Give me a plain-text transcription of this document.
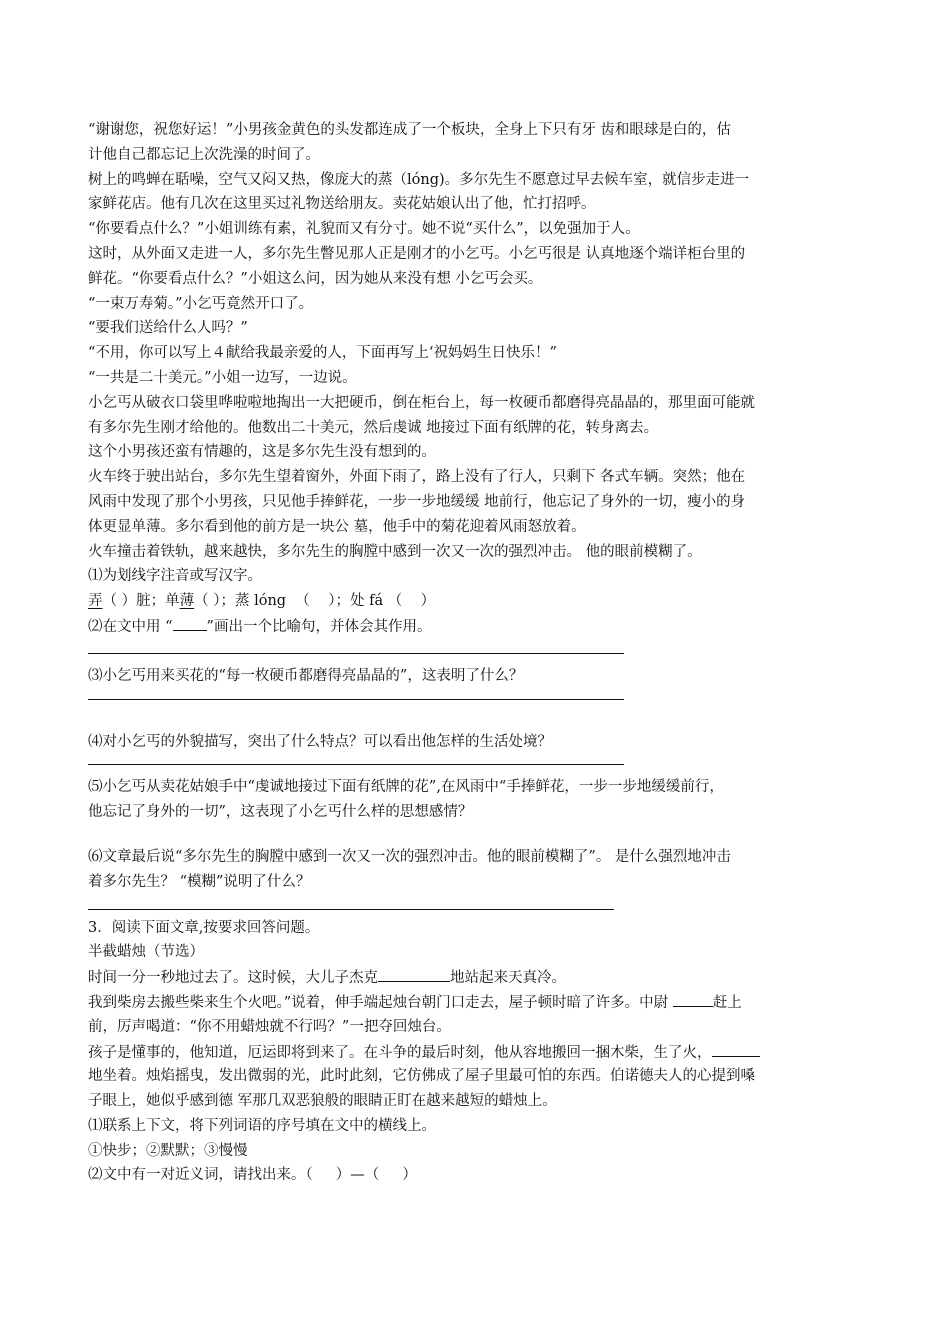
“谢谢您，祝您好运！”小男孩金黄色的头发都连成了一个板块，全身上下只有牙 齿和眼球是白的，估
计他自己都忘记上次洗澡的时间了。
树上的鸣蝉在聒噪，空气又闷又热，像庞大的蒸（lóng)。多尔先生不愿意过早去候车室，就信步走进一
家鲜花店。他有几次在这里买过礼物送给朋友。卖花姑娘认出了他，忙打招呼。
“你要看点什么？”小姐训练有素，礼貌而又有分寸。她不说“买什么”，以免强加于人。
这时，从外面又走进一人，多尔先生瞥见那人正是刚才的小乞丐。小乞丐很是 认真地逐个端详柜台里的
鲜花。“你要看点什么？”小姐这么问，因为她从来没有想 小乞丐会买。
“一束万寿菊。”小乞丐竟然开口了。
“要我们送给什么人吗？”
“不用，你可以写上４献给我最亲爱的人，下面再写上‘祝妈妈生日快乐！”
“一共是二十美元。”小姐一边写，一边说。
小乞丐从破衣口袋里哗啦啦地掏出一大把硬币，倒在柜台上，每一枚硬币都磨得亮晶晶的，那里面可能就
有多尔先生刚才给他的。他数出二十美元，然后虔诚 地接过下面有纸牌的花，转身离去。
这个小男孩还蛮有情趣的，这是多尔先生没有想到的。
火车终于驶出站台，多尔先生望着窗外，外面下雨了，路上没有了行人，只剩下 各式车辆。突然；他在
风雨中发现了那个小男孩，只见他手捧鲜花，一步一步地缓缓 地前行，他忘记了身外的一切，瘦小的身
体更显单薄。多尔看到他的前方是一块公 墓，他手中的菊花迎着风雨怒放着。
火车撞击着铁轨，越来越快，多尔先生的胸膛中感到一次又一次的强烈冲击。 他的眼前模糊了。
⑴为划线字注音或写汉字。
弄（ ）脏；单薄（ ）；蒸 lóng  （    ）；处 fá （    ）
⑵在文中用 “ ”画出一个比喻句，并体会其作用。
⑶小乞丐用来买花的“每一枚硬币都磨得亮晶晶的”，这表明了什么？
⑷对小乞丐的外貌描写，突出了什么特点？可以看出他怎样的生活处境？
⑸小乞丐从卖花姑娘手中“虔诚地接过下面有纸牌的花”,在风雨中“手捧鲜花，一步一步地缓缓前行，
他忘记了身外的一切”，这表现了小乞丐什么样的思想感情？
⑹文章最后说“多尔先生的胸膛中感到一次又一次的强烈冲击。他的眼前模糊了”。 是什么强烈地冲击
着多尔先生？ “模糊”说明了什么？
3．阅读下面文章,按要求回答问题。
半截蜡烛（节选）
时间一分一秒地过去了。这时候，大儿子杰克	地站起来天真冷。
我到柴房去搬些柴来生个火吧。”说着，伸手端起烛台朝门口走去，屋子顿时暗了许多。中尉	赶上
前，厉声喝道：“你不用蜡烛就不行吗？”一把夺回烛台。
孩子是懂事的，他知道，厄运即将到来了。在斗争的最后时刻，他从容地搬回一捆木柴，生了火，
地坐着。烛焰摇曳，发出微弱的光，此时此刻，它仿佛成了屋子里最可怕的东西。伯诺德夫人的心提到嗓
子眼上，她似乎感到德 军那几双恶狼般的眼睛正盯在越来越短的蜡烛上。
⑴联系上下文，将下列词语的序号填在文中的横线上。
①快步；②默默；③慢慢
⑵文中有一对近义词，请找出来。（     ）—（     ）
